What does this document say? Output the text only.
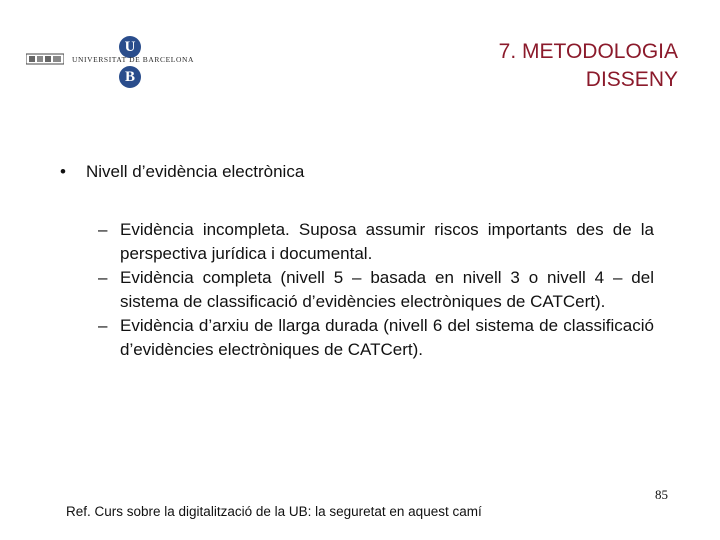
U
UNIVERSITAT DE BARCELONA
B
7. METODOLOGIA
DISSENY
• Nivell d’evidència electrònica
– Evidència incompleta. Suposa assumir riscos importants des de la perspectiva jurídica i documental.
– Evidència completa (nivell 5 – basada en nivell 3 o nivell 4 – del sistema de classificació d’evidències electròniques de CATCert).
– Evidència d’arxiu de llarga durada (nivell 6 del sistema de classificació d’evidències electròniques de CATCert).
85
Ref. Curs sobre la digitalització de la UB: la seguretat en aquest camí
